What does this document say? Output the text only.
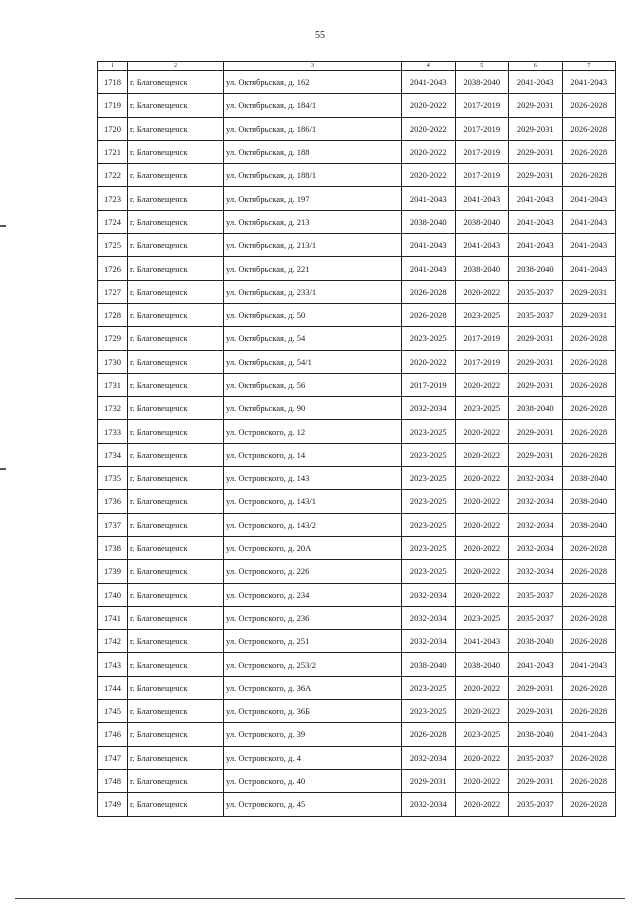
55
1	2	3	4	5	6	7
1718	г. Благовещенск	ул. Октябрьская, д. 162	2041-2043	2038-2040	2041-2043	2041-2043
1719	г. Благовещенск	ул. Октябрьская, д. 184/1	2020-2022	2017-2019	2029-2031	2026-2028
1720	г. Благовещенск	ул. Октябрьская, д. 186/1	2020-2022	2017-2019	2029-2031	2026-2028
1721	г. Благовещенск	ул. Октябрьская, д. 188	2020-2022	2017-2019	2029-2031	2026-2028
1722	г. Благовещенск	ул. Октябрьская, д. 188/1	2020-2022	2017-2019	2029-2031	2026-2028
1723	г. Благовещенск	ул. Октябрьская, д. 197	2041-2043	2041-2043	2041-2043	2041-2043
1724	г. Благовещенск	ул. Октябрьская, д. 213	2038-2040	2038-2040	2041-2043	2041-2043
1725	г. Благовещенск	ул. Октябрьская, д. 213/1	2041-2043	2041-2043	2041-2043	2041-2043
1726	г. Благовещенск	ул. Октябрьская, д. 221	2041-2043	2038-2040	2038-2040	2041-2043
1727	г. Благовещенск	ул. Октябрьская, д. 233/1	2026-2028	2020-2022	2035-2037	2029-2031
1728	г. Благовещенск	ул. Октябрьская, д. 50	2026-2028	2023-2025	2035-2037	2029-2031
1729	г. Благовещенск	ул. Октябрьская, д. 54	2023-2025	2017-2019	2029-2031	2026-2028
1730	г. Благовещенск	ул. Октябрьская, д. 54/1	2020-2022	2017-2019	2029-2031	2026-2028
1731	г. Благовещенск	ул. Октябрьская, д. 56	2017-2019	2020-2022	2029-2031	2026-2028
1732	г. Благовещенск	ул. Октябрьская, д. 90	2032-2034	2023-2025	2038-2040	2026-2028
1733	г. Благовещенск	ул. Островского, д. 12	2023-2025	2020-2022	2029-2031	2026-2028
1734	г. Благовещенск	ул. Островского, д. 14	2023-2025	2020-2022	2029-2031	2026-2028
1735	г. Благовещенск	ул. Островского, д. 143	2023-2025	2020-2022	2032-2034	2038-2040
1736	г. Благовещенск	ул. Островского, д. 143/1	2023-2025	2020-2022	2032-2034	2038-2040
1737	г. Благовещенск	ул. Островского, д. 143/2	2023-2025	2020-2022	2032-2034	2038-2040
1738	г. Благовещенск	ул. Островского, д. 20А	2023-2025	2020-2022	2032-2034	2026-2028
1739	г. Благовещенск	ул. Островского, д. 226	2023-2025	2020-2022	2032-2034	2026-2028
1740	г. Благовещенск	ул. Островского, д. 234	2032-2034	2020-2022	2035-2037	2026-2028
1741	г. Благовещенск	ул. Островского, д. 236	2032-2034	2023-2025	2035-2037	2026-2028
1742	г. Благовещенск	ул. Островского, д. 251	2032-2034	2041-2043	2038-2040	2026-2028
1743	г. Благовещенск	ул. Островского, д. 253/2	2038-2040	2038-2040	2041-2043	2041-2043
1744	г. Благовещенск	ул. Островского, д. 36А	2023-2025	2020-2022	2029-2031	2026-2028
1745	г. Благовещенск	ул. Островского, д. 36Б	2023-2025	2020-2022	2029-2031	2026-2028
1746	г. Благовещенск	ул. Островского, д. 39	2026-2028	2023-2025	2038-2040	2041-2043
1747	г. Благовещенск	ул. Островского, д. 4	2032-2034	2020-2022	2035-2037	2026-2028
1748	г. Благовещенск	ул. Островского, д. 40	2029-2031	2020-2022	2029-2031	2026-2028
1749	г. Благовещенск	ул. Островского, д. 45	2032-2034	2020-2022	2035-2037	2026-2028
